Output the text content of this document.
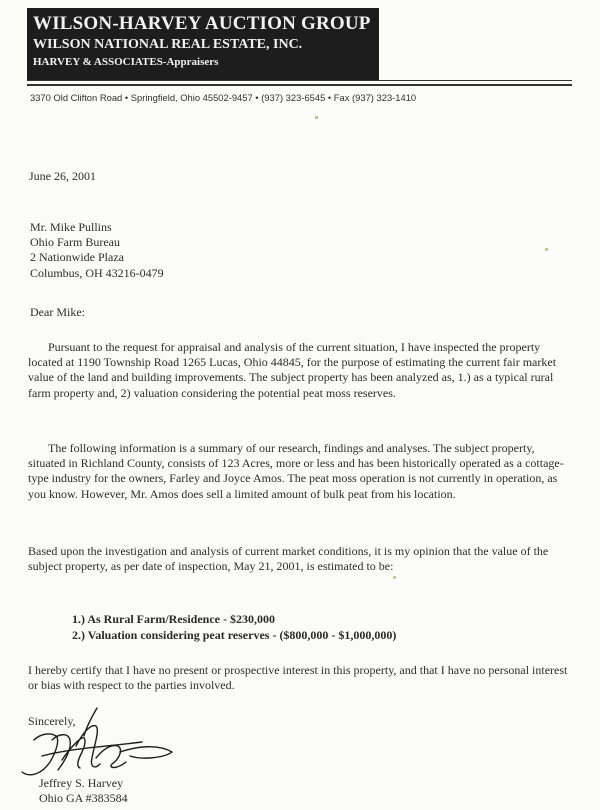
WILSON-HARVEY AUCTION GROUP
WILSON NATIONAL REAL ESTATE, INC.
HARVEY & ASSOCIATES-Appraisers
3370 Old Clifton Road • Springfield, Ohio 45502-9457 • (937) 323-6545 • Fax (937) 323-1410
June 26, 2001
Mr. Mike Pullins
Ohio Farm Bureau
2 Nationwide Plaza
Columbus, OH 43216-0479
Dear Mike:
Pursuant to the request for appraisal and analysis of the current situation, I have inspected the property located at 1190 Township Road 1265 Lucas, Ohio 44845, for the purpose of estimating the current fair market value of the land and building improvements. The subject property has been analyzed as, 1.) as a typical rural farm property and, 2) valuation considering the potential peat moss reserves.
The following information is a summary of our research, findings and analyses. The subject property, situated in Richland County, consists of 123 Acres, more or less and has been historically operated as a cottage-type industry for the owners, Farley and Joyce Amos. The peat moss operation is not currently in operation, as you know. However, Mr. Amos does sell a limited amount of bulk peat from his location.
Based upon the investigation and analysis of current market conditions, it is my opinion that the value of the subject property, as per date of inspection, May 21, 2001, is estimated to be:
1.) As Rural Farm/Residence - $230,000
2.) Valuation considering peat reserves - ($800,000 - $1,000,000)
I hereby certify that I have no present or prospective interest in this property, and that I have no personal interest or bias with respect to the parties involved.
Sincerely,
Jeffrey S. Harvey
Ohio GA #383584
